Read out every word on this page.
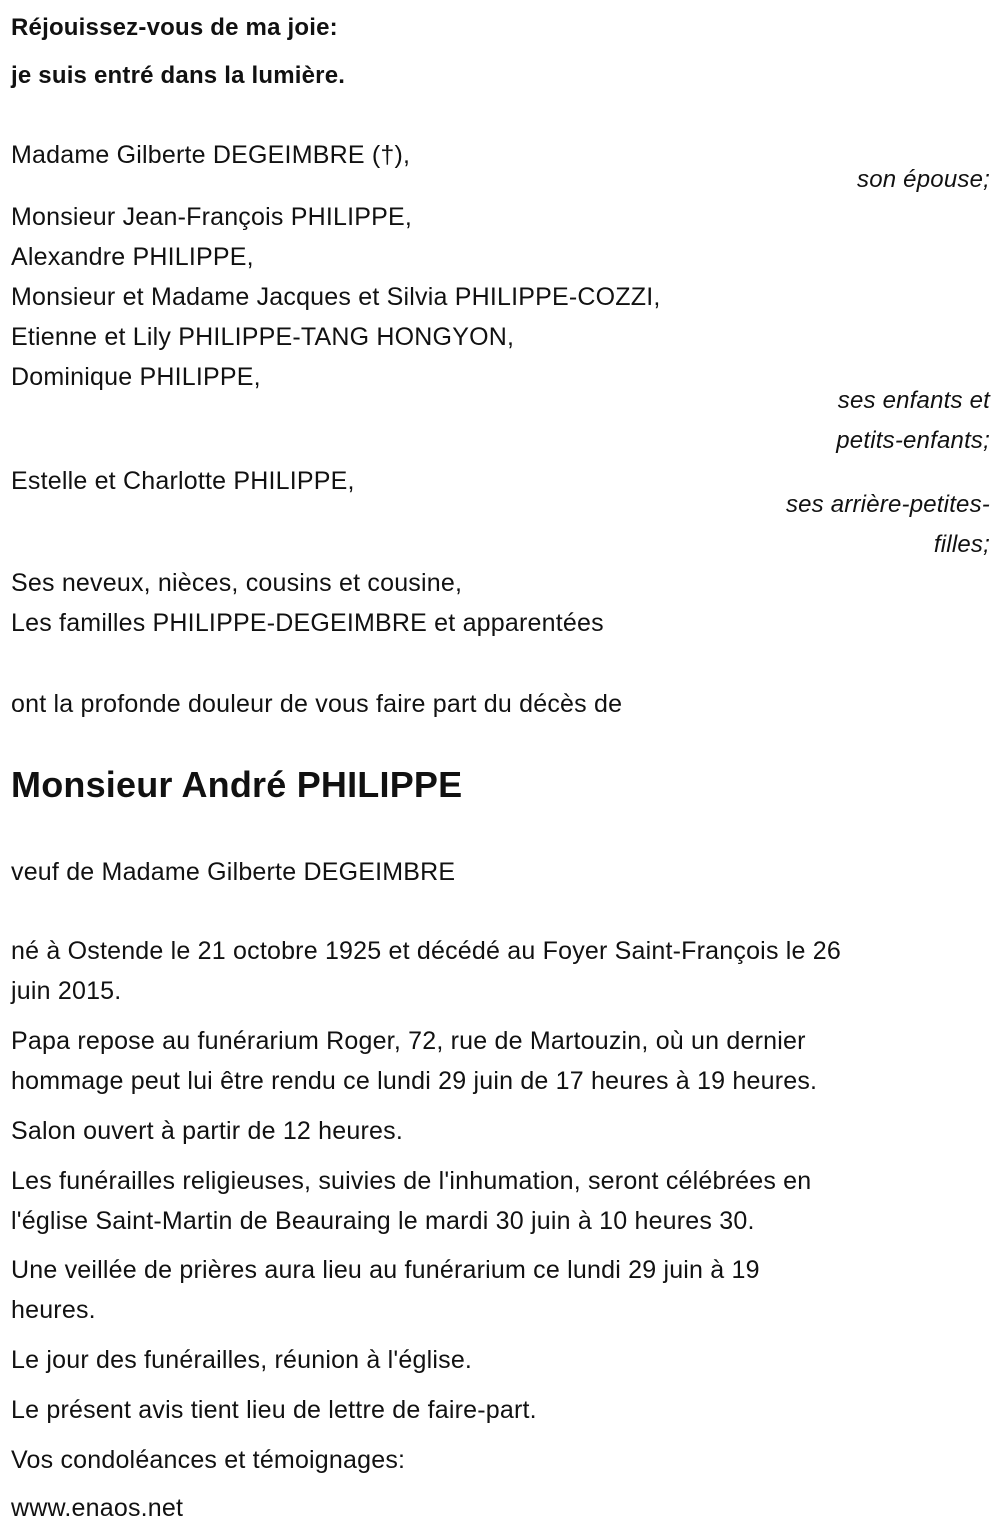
Réjouissez-vous de ma joie:
je suis entré dans la lumière.
Madame Gilberte DEGEIMBRE (†),
son épouse;
Monsieur Jean-François PHILIPPE,
Alexandre PHILIPPE,
Monsieur et Madame Jacques et Silvia PHILIPPE-COZZI,
Etienne et Lily PHILIPPE-TANG HONGYON,
Dominique PHILIPPE,
ses enfants et
petits-enfants;
Estelle et Charlotte PHILIPPE,
ses arrière-petites-
filles;
Ses neveux, nièces, cousins et cousine,
Les familles PHILIPPE-DEGEIMBRE et apparentées
ont la profonde douleur de vous faire part du décès de
Monsieur André PHILIPPE
veuf de Madame Gilberte DEGEIMBRE
né à Ostende le 21 octobre 1925 et décédé au Foyer Saint-François le 26
juin 2015.
Papa repose au funérarium Roger, 72, rue de Martouzin, où un dernier
hommage peut lui être rendu ce lundi 29 juin de 17 heures à 19 heures.
Salon ouvert à partir de 12 heures.
Les funérailles religieuses, suivies de l'inhumation, seront célébrées en
l'église Saint-Martin de Beauraing le mardi 30 juin à 10 heures 30.
Une veillée de prières aura lieu au funérarium ce lundi 29 juin à 19
heures.
Le jour des funérailles, réunion à l'église.
Le présent avis tient lieu de lettre de faire-part.
Vos condoléances et témoignages:
www.enaos.net
